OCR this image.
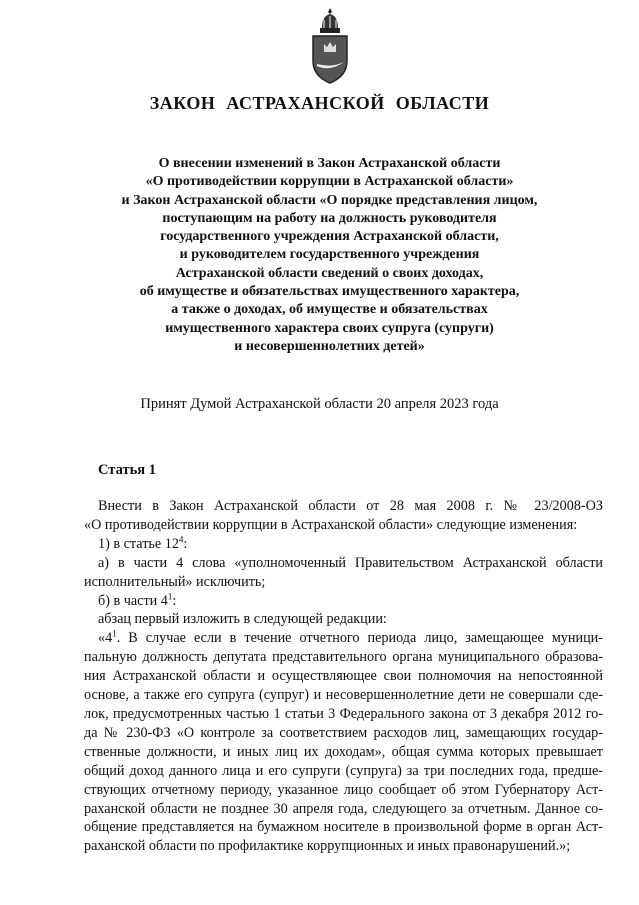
ЗАКОН АСТРАХАНСКОЙ ОБЛАСТИ
О внесении изменений в Закон Астраханской области
«О противодействии коррупции в Астраханской области»
и Закон Астраханской области «О порядке представления лицом,
поступающим на работу на должность руководителя
государственного учреждения Астраханской области,
и руководителем государственного учреждения
Астраханской области сведений о своих доходах,
об имуществе и обязательствах имущественного характера,
а также о доходах, об имуществе и обязательствах
имущественного характера своих супруга (супруги)
и несовершеннолетних детей»
Принят Думой Астраханской области 20 апреля 2023 года
Статья 1

Внести в Закон Астраханской области от 28 мая 2008 г. № 23/2008-ОЗ

«О противодействии коррупции в Астраханской области» следующие изменения:

1) в статье $12^4$:

а) в части 4 слова «уполномоченный Правительством Астраханской области

исполнительный» исключить;

б) в части $4^1$:

абзац первый изложить в следующей редакции:

«$4^1$. В случае если в течение отчетного периода лицо, замещающее муници-

пальную должность депутата представительного органа муниципального образова-

ния Астраханской области и осуществляющее свои полномочия на непостоянной

основе, а также его супруга (супруг) и несовершеннолетние дети не совершали сде-

лок, предусмотренных частью 1 статьи 3 Федерального закона от 3 декабря 2012 го-

да № 230-ФЗ «О контроле за соответствием расходов лиц, замещающих государ-

ственные должности, и иных лиц их доходам», общая сумма которых превышает

общий доход данного лица и его супруги (супруга) за три последних года, предше-

ствующих отчетному периоду, указанное лицо сообщает об этом Губернатору Аст-

раханской области не позднее 30 апреля года, следующего за отчетным. Данное со-

общение представляется на бумажном носителе в произвольной форме в орган Аст-

раханской области по профилактике коррупционных и иных правонарушений.»;
